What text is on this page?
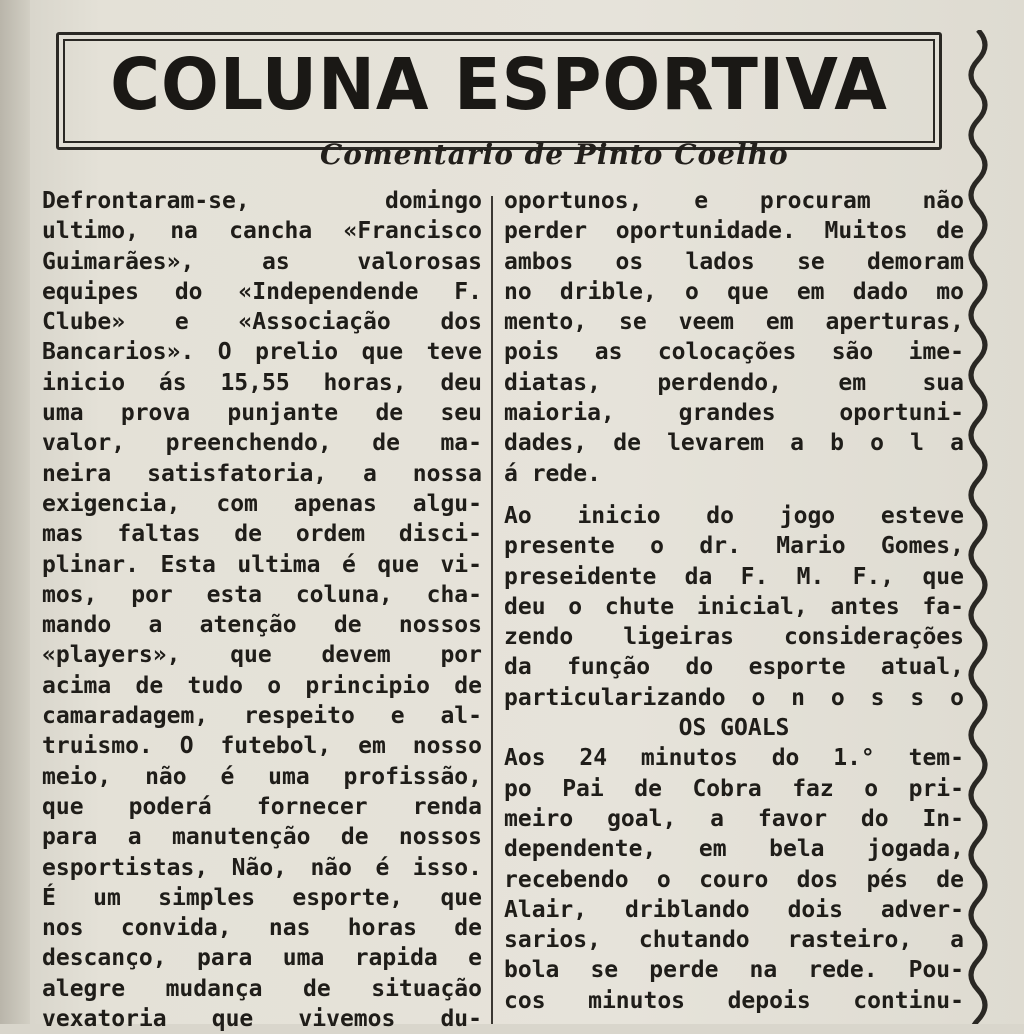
COLUNA ESPORTIVA
Comentario de Pinto Coelho
Defrontaram-se, domingo
ultimo, na cancha «Francisco
Guimarães», as valorosas
equipes do «Independende F.
Clube» e «Associação dos
Bancarios». O prelio que teve
inicio ás 15,55 horas, deu
uma prova punjante de seu
valor, preenchendo, de ma-
neira satisfatoria, a nossa
exigencia, com apenas algu-
mas faltas de ordem disci-
plinar. Esta ultima é que vi-
mos, por esta coluna, cha-
mando a atenção de nossos
«players», que devem por
acima de tudo o principio de
camaradagem, respeito e al-
truismo. O futebol, em nosso
meio, não é uma profissão,
que poderá fornecer renda
para a manutenção de nossos
esportistas, Não, não é isso.
É um simples esporte, que
nos convida, nas horas de
descanço, para uma rapida e
alegre mudança de situação
vexatoria que vivemos du-
oportunos, e procuram não
perder oportunidade. Muitos de
ambos os lados se demoram
no drible, o que em dado mo
mento, se veem em aperturas,
pois as colocações são ime-
diatas, perdendo, em sua
maioria, grandes oportuni-
dades, de levarem a b o l a
á rede.
Ao inicio do jogo esteve
presente o dr. Mario Gomes,
preseidente da F. M. F., que
deu o chute inicial, antes fa-
zendo ligeiras considerações
da função do esporte atual,
particularizando o n o s s o
OS GOALS
Aos 24 minutos do 1.° tem-
po Pai de Cobra faz o pri-
meiro goal, a favor do In-
dependente, em bela jogada,
recebendo o couro dos pés de
Alair, driblando dois adver-
sarios, chutando rasteiro, a
bola se perde na rede. Pou-
cos minutos depois continu-
